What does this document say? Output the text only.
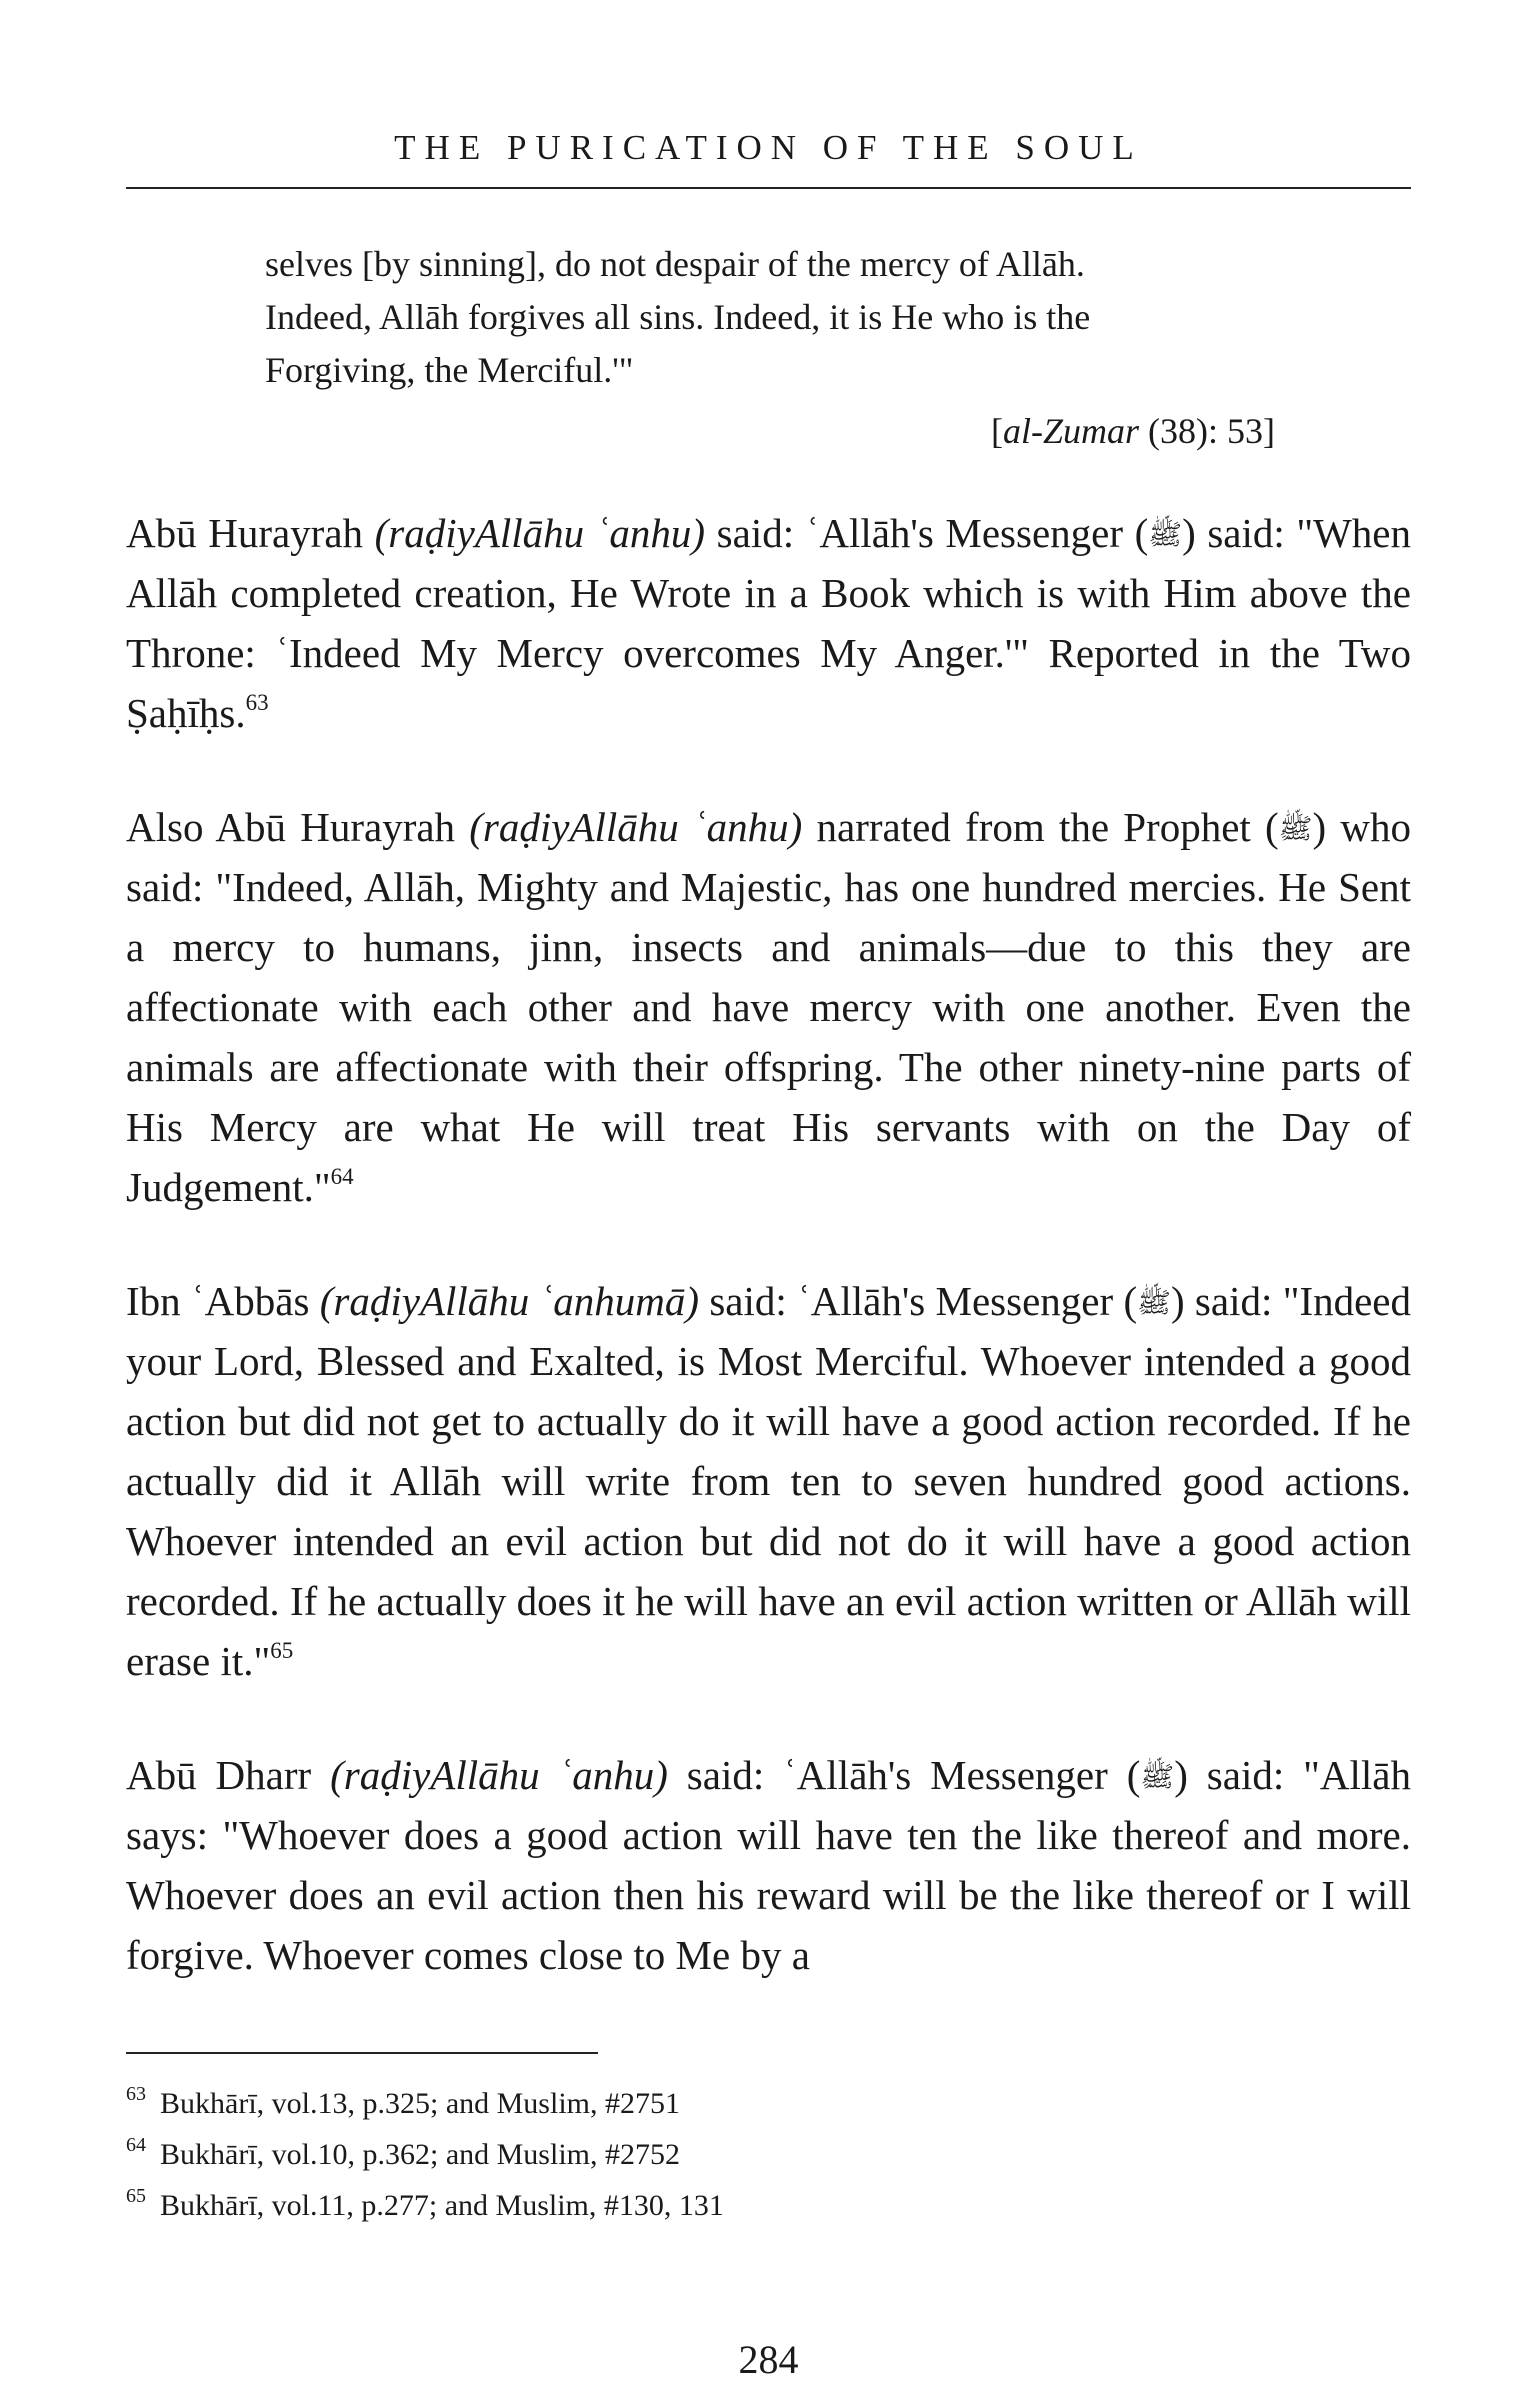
THE PURICATION OF THE SOUL

selves [by sinning], do not despair of the mercy of Allāh.

Indeed, Allāh forgives all sins. Indeed, it is He who is the

Forgiving, the Merciful.'"

[al-Zumar (38): 53]

Abū Hurayrah (raḍiyAllāhu ʿanhu) said: ʿAllāh's Messenger (ﷺ) said: "When Allāh completed creation, He Wrote in a Book which is with Him above the Throne: ʿIndeed My Mercy overcomes My Anger.'" Reported in the Two Ṣaḥīḥs.$^{63}$

Also Abū Hurayrah (raḍiyAllāhu ʿanhu) narrated from the Prophet (ﷺ) who said: "Indeed, Allāh, Mighty and Majestic, has one hundred mercies. He Sent a mercy to humans, jinn, insects and animals—due to this they are affectionate with each other and have mercy with one another. Even the animals are affectionate with their offspring. The other ninety-nine parts of His Mercy are what He will treat His servants with on the Day of Judgement."$^{64}$

Ibn ʿAbbās (raḍiyAllāhu ʿanhumā) said: ʿAllāh's Messenger (ﷺ) said: "Indeed your Lord, Blessed and Exalted, is Most Merciful. Whoever intended a good action but did not get to actually do it will have a good action recorded. If he actually did it Allāh will write from ten to seven hundred good actions. Whoever intended an evil action but did not do it will have a good action recorded. If he actually does it he will have an evil action written or Allāh will erase it."$^{65}$

Abū Dharr (raḍiyAllāhu ʿanhu) said: ʿAllāh's Messenger (ﷺ) said: "Allāh says: "Whoever does a good action will have ten the like thereof and more. Whoever does an evil action then his reward will be the like thereof or I will forgive. Whoever comes close to Me by a

$^{63}$ Bukhārī, vol.13, p.325; and Muslim, #2751
$^{64}$ Bukhārī, vol.10, p.362; and Muslim, #2752
$^{65}$ Bukhārī, vol.11, p.277; and Muslim, #130, 131
284
